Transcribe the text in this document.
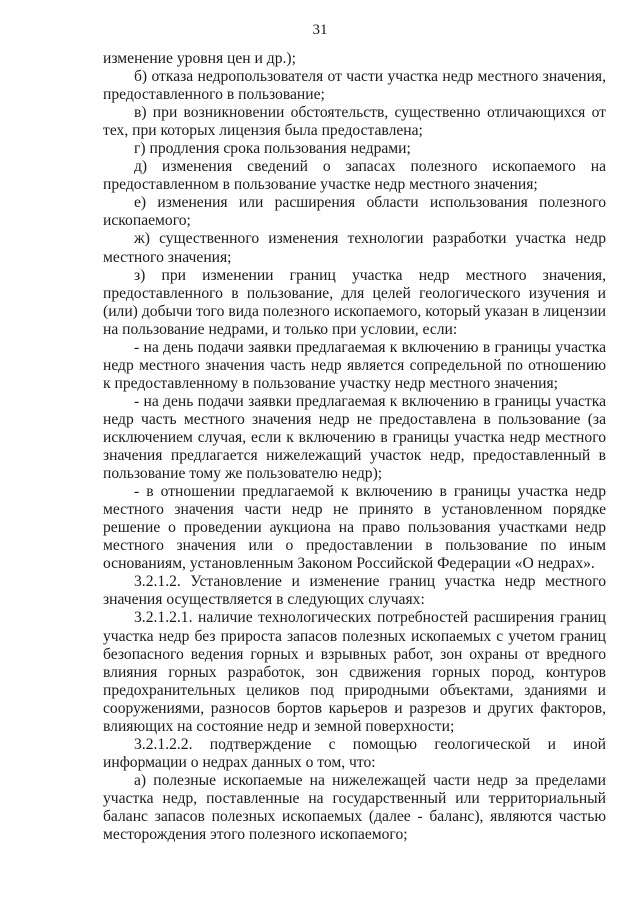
31

изменение уровня цен и др.);

б) отказа недропользователя от части участка недр местного значения, предоставленного в пользование;

в) при возникновении обстоятельств, существенно отличающихся от тех, при которых лицензия была предоставлена;

г) продления срока пользования недрами;

д) изменения сведений о запасах полезного ископаемого на предоставленном в пользование участке недр местного значения;

е) изменения или расширения области использования полезного ископаемого;

ж) существенного изменения технологии разработки участка недр местного значения;

з) при изменении границ участка недр местного значения, предоставленного в пользование, для целей геологического изучения и (или) добычи того вида полезного ископаемого, который указан в лицензии на пользование недрами, и только при условии, если:

- на день подачи заявки предлагаемая к включению в границы участка недр местного значения часть недр является сопредельной по отношению к предоставленному в пользование участку недр местного значения;

- на день подачи заявки предлагаемая к включению в границы участка недр часть местного значения недр не предоставлена в пользование (за исключением случая, если к включению в границы участка недр местного значения предлагается нижележащий участок недр, предоставленный в пользование тому же пользователю недр);

- в отношении предлагаемой к включению в границы участка недр местного значения части недр не принято в установленном порядке решение о проведении аукциона на право пользования участками недр местного значения или о предоставлении в пользование по иным основаниям, установленным Законом Российской Федерации «О недрах».

3.2.1.2. Установление и изменение границ участка недр местного значения осуществляется в следующих случаях:

3.2.1.2.1. наличие технологических потребностей расширения границ участка недр без прироста запасов полезных ископаемых с учетом границ безопасного ведения горных и взрывных работ, зон охраны от вредного влияния горных разработок, зон сдвижения горных пород, контуров предохранительных целиков под природными объектами, зданиями и сооружениями, разносов бортов карьеров и разрезов и других факторов, влияющих на состояние недр и земной поверхности;

3.2.1.2.2. подтверждение с помощью геологической и иной информации о недрах данных о том, что:

а) полезные ископаемые на нижележащей части недр за пределами участка недр, поставленные на государственный или территориальный баланс запасов полезных ископаемых (далее - баланс), являются частью месторождения этого полезного ископаемого;
